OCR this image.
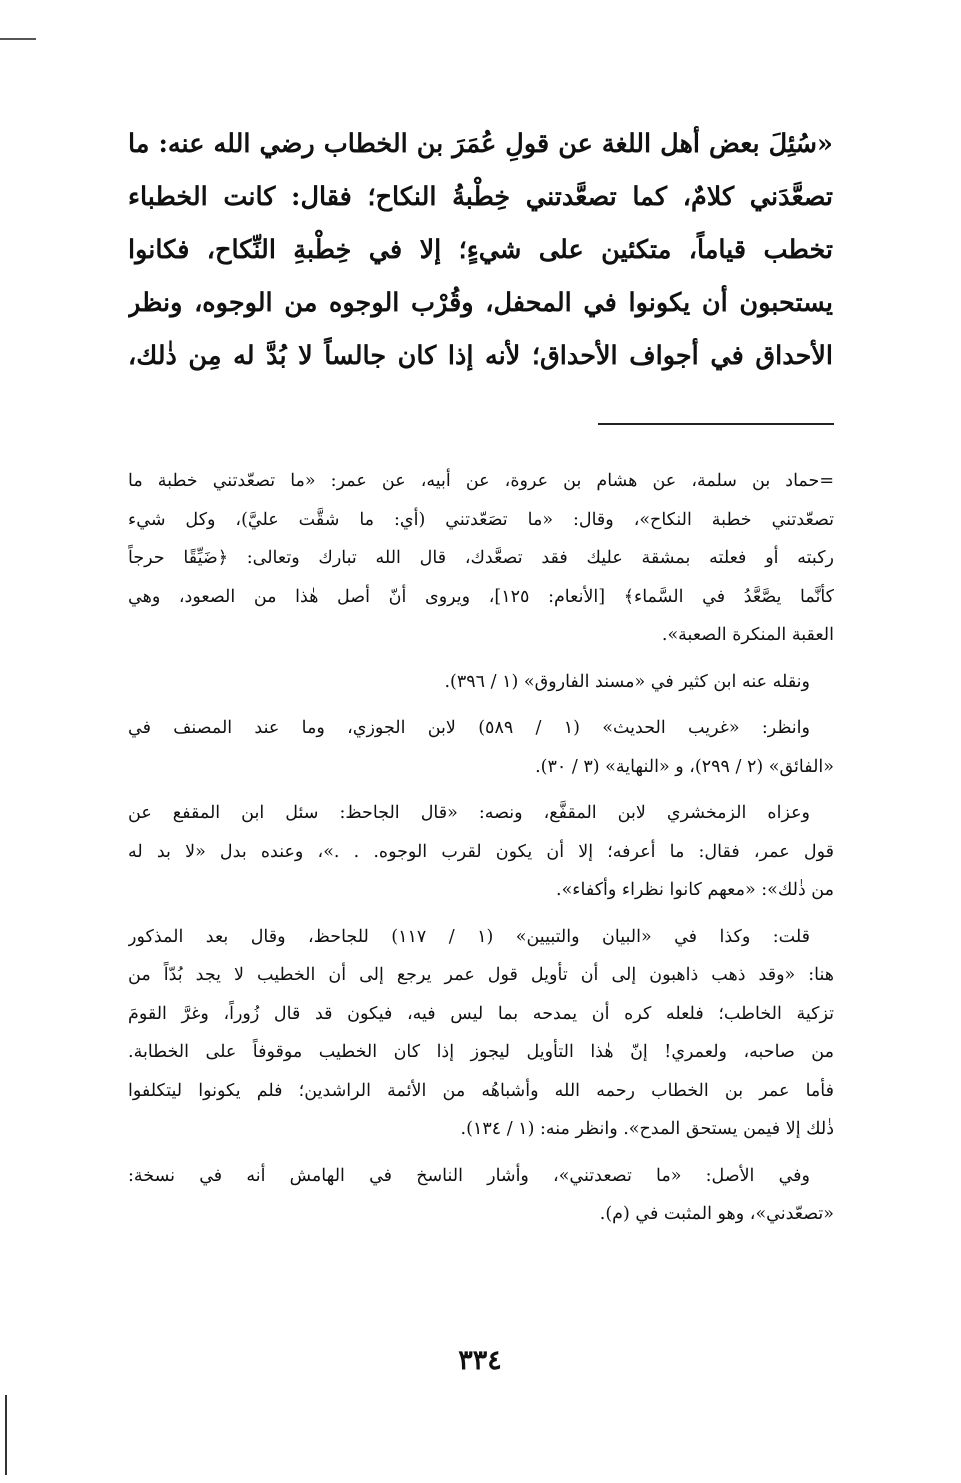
«سُئِلَ بعض أهل اللغة عن قولِ عُمَرَ بن الخطاب رضي الله عنه: ما
تصعَّدَني كلامٌ، كما تصعَّدتني خِطْبةُ النكاح؛ فقال: كانت الخطباء
تخطب قياماً، متكئين على شيءٍ؛ إلا في خِطْبةِ النِّكاح، فكانوا
يستحبون أن يكونوا في المحفل، وقُرْب الوجوه من الوجوه، ونظر
الأحداق في أجواف الأحداق؛ لأنه إذا كان جالساً لا بُدَّ له مِن ذٰلك،
=حماد بن سلمة، عن هشام بن عروة، عن أبيه، عن عمر: «ما تصعّدتني خطبة ما
تصعّدتني خطبة النكاح»، وقال: «ما تصَعّدتني (أي: ما شقَّت عليَّ)، وكل شيء
ركبته أو فعلته بمشقة عليك فقد تصعَّدك، قال الله تبارك وتعالى: ﴿ضَيِّقًا حرجاً
كأنَّما يصَّعَّدُ في السَّماء﴾ [الأنعام: ١٢٥]، ويروى أنّ أصل هٰذا من الصعود، وهي
العقبة المنكرة الصعبة».
ونقله عنه ابن كثير في «مسند الفاروق» (١ / ٣٩٦).
وانظر: «غريب الحديث» (١ / ٥٨٩) لابن الجوزي، وما عند المصنف في
«الفائق» (٢ / ٢٩٩)، و «النهاية» (٣ / ٣٠).
وعزاه الزمخشري لابن المقفَّع، ونصه: «قال الجاحظ: سئل ابن المقفع عن
قول عمر، فقال: ما أعرفه؛ إلا أن يكون لقرب الوجوه. . .»، وعنده بدل «لا بد له
من ذٰلك»: «معهم كانوا نظراء وأكفاء».
قلت: وكذا في «البيان والتبيين» (١ / ١١٧) للجاحظ، وقال بعد المذكور
هنا: «وقد ذهب ذاهبون إلى أن تأويل قول عمر يرجع إلى أن الخطيب لا يجد بُدّاً من
تزكية الخاطب؛ فلعله كره أن يمدحه بما ليس فيه، فيكون قد قال زُوراً، وغرَّ القومَ
من صاحبه، ولعمري! إنّ هٰذا التأويل ليجوز إذا كان الخطيب موقوفاً على الخطابة.
فأما عمر بن الخطاب رحمه الله وأشباهُه من الأئمة الراشدين؛ فلم يكونوا ليتكلفوا
ذٰلك إلا فيمن يستحق المدح». وانظر منه: (١ / ١٣٤).
وفي الأصل: «ما تصعدتني»، وأشار الناسخ في الهامش أنه في نسخة:
«تصعّدني»، وهو المثبت في (م).
٣٣٤
